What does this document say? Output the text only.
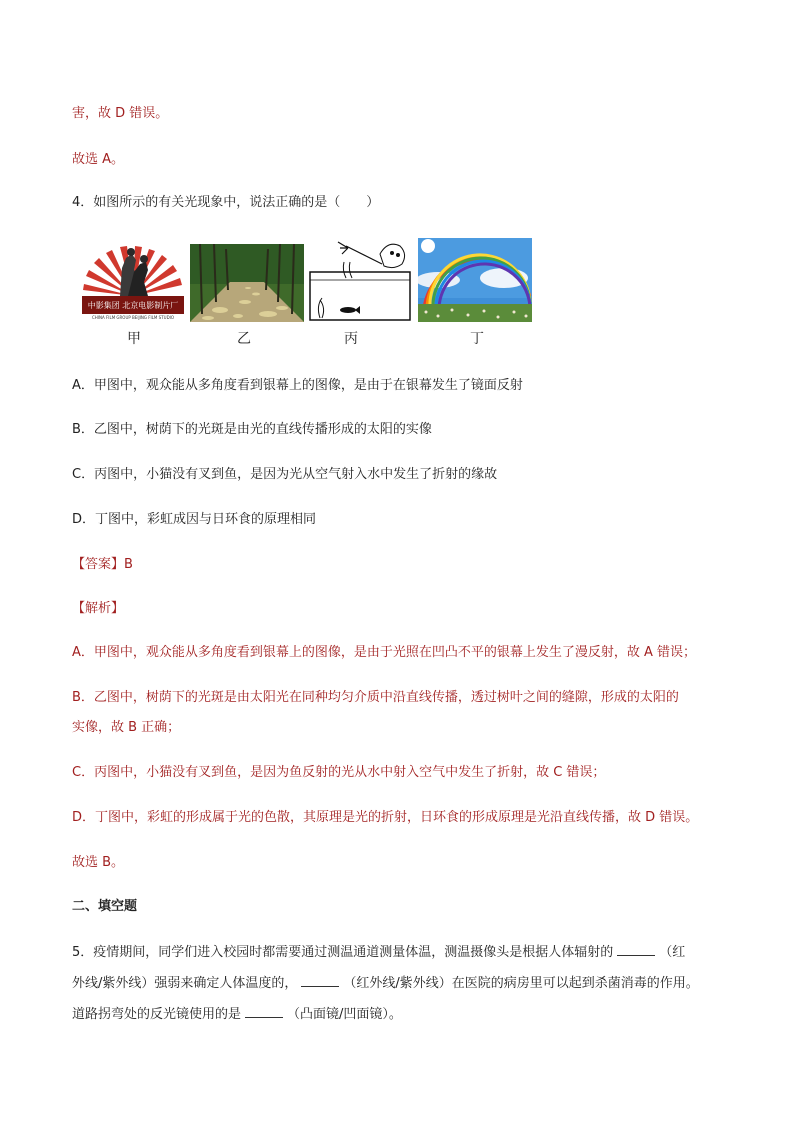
害，故 D 错误。
故选 A。
4．如图所示的有关光现象中，说法正确的是（　　）
中影集团 北京电影制片厂
CHINA FILM GROUP BEIJING FILM STUDIO
甲	乙	丙	丁
A．甲图中，观众能从多角度看到银幕上的图像，是由于在银幕发生了镜面反射
B．乙图中，树荫下的光斑是由光的直线传播形成的太阳的实像
C．丙图中，小猫没有叉到鱼，是因为光从空气射入水中发生了折射的缘故
D．丁图中，彩虹成因与日环食的原理相同
【答案】B
【解析】
A．甲图中，观众能从多角度看到银幕上的图像，是由于光照在凹凸不平的银幕上发生了漫反射，故 A 错误；
B．乙图中，树荫下的光斑是由太阳光在同种均匀介质中沿直线传播，透过树叶之间的缝隙，形成的太阳的
实像，故 B 正确；
C．丙图中，小猫没有叉到鱼，是因为鱼反射的光从水中射入空气中发生了折射，故 C 错误；
D．丁图中，彩虹的形成属于光的色散，其原理是光的折射，日环食的形成原理是光沿直线传播，故 D 错误。
故选 B。
二、填空题
5．疫情期间，同学们进入校园时都需要通过测温通道测量体温，测温摄像头是根据人体辐射的	（红
外线/紫外线）强弱来确定人体温度的，	（红外线/紫外线）在医院的病房里可以起到杀菌消毒的作用。
道路拐弯处的反光镜使用的是	（凸面镜/凹面镜）。
